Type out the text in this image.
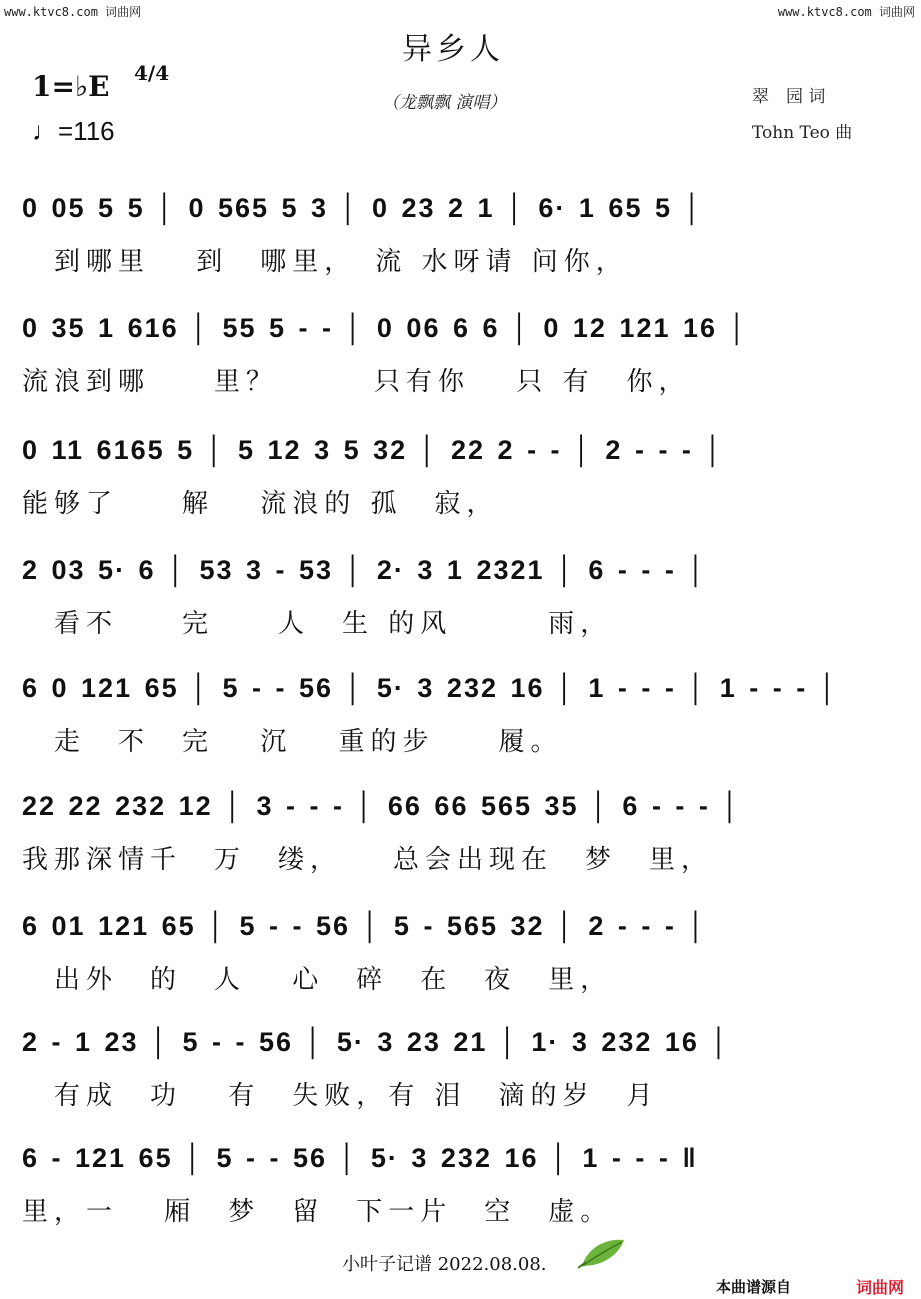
www.ktvc8.com 词曲网	www.ktvc8.com 词曲网
异乡人
（龙飘飘 演唱）
1=♭E 4/4
♩=116
翠　园 词
Tohn Teo 曲
0 05 5 5 │ 0 565 5 3 │ 0 23 2 1 │ 6· 1 65 5 │
　到哪里　 到　哪里，　流 水呀请 问你，
0 35 1 616 │ 55 5 - - │ 0 06 6 6 │ 0 12 121 16 │
流浪到哪　　里？　　　只有你　 只 有　你，
0 11 6165 5 │ 5 12 3 5 32 │ 22 2 - - │ 2 - - - │
能够了　　解　 流浪的 孤　寂，
2 03 5· 6 │ 53 3 - 53 │ 2· 3 1 2321 │ 6 - - - │
　看不　　完　　人　生 的风　　　雨，
6 0 121 65 │ 5 - - 56 │ 5· 3 232 16 │ 1 - - - │ 1 - - - │
　走　不　完　 沉　 重的步　　履。
22 22 232 12 │ 3 - - - │ 66 66 565 35 │ 6 - - - │
我那深情千　万　缕，　　总会出现在　梦　里，
6 01 121 65 │ 5 - - 56 │ 5 - 565 32 │ 2 - - - │
　出外　的　人　 心　碎　在　夜　里，
2 - 1 23 │ 5 - - 56 │ 5· 3 23 21 │ 1· 3 232 16 │
　有成　功　 有　失败，有 泪　滴的岁　月
6 - 121 65 │ 5 - - 56 │ 5· 3 232 16 │ 1 - - - ‖
里，一　 厢　梦　留　下一片　空　虚。
小叶子记谱 2022.08.08.
本曲谱源自	词曲网
